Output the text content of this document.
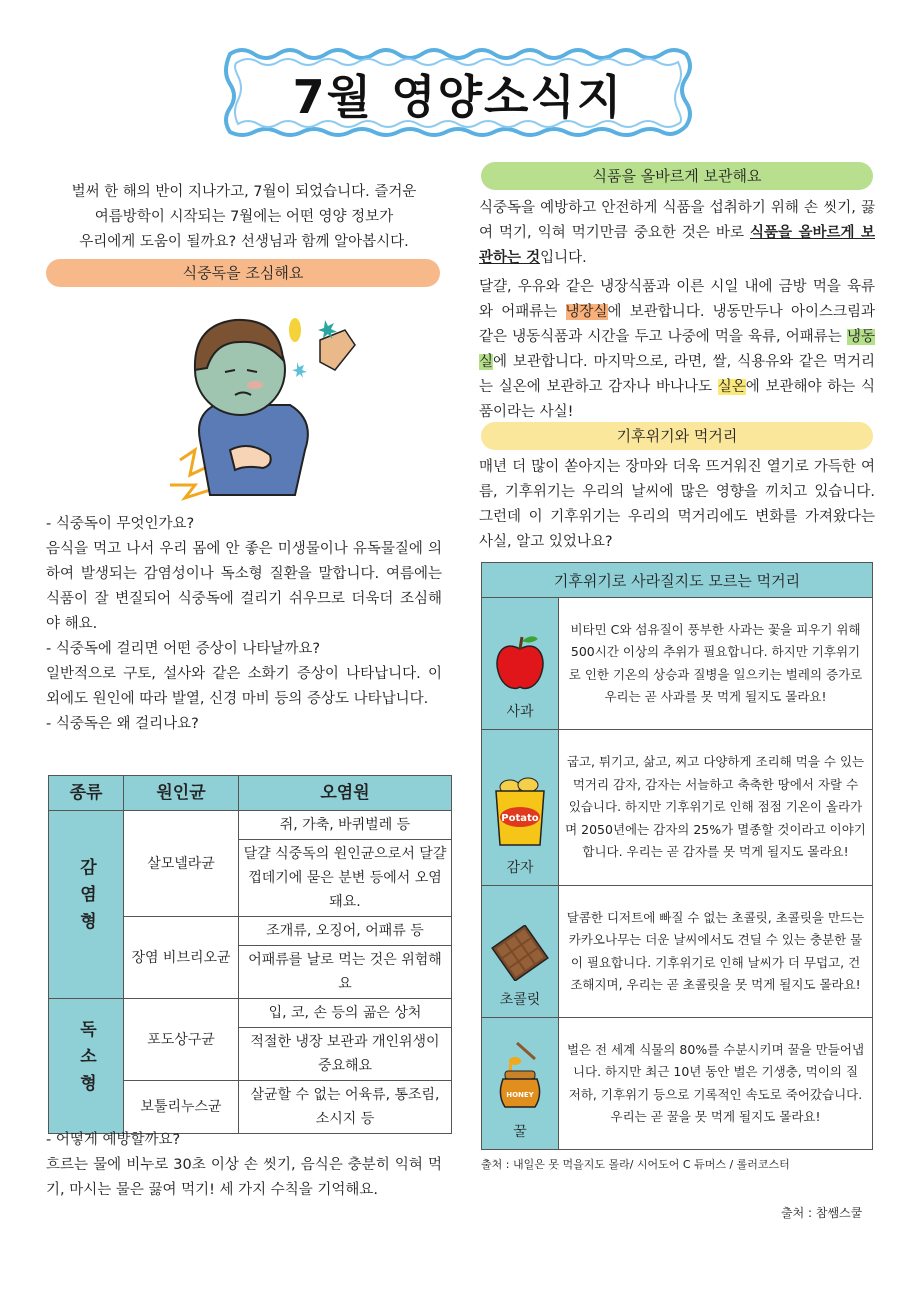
7월 영양소식지
벌써 한 해의 반이 지나가고, 7월이 되었습니다. 즐거운
여름방학이 시작되는 7월에는 어떤 영양 정보가
우리에게 도움이 될까요? 선생님과 함께 알아봅시다.
식중독을 조심해요
- 식중독이 무엇인가요?
음식을 먹고 나서 우리 몸에 안 좋은 미생물이나 유독물질에 의하여 발생되는 감염성이나 독소형 질환을 말합니다. 여름에는 식품이 잘 변질되어 식중독에 걸리기 쉬우므로 더욱더 조심해야 해요.
- 식중독에 걸리면 어떤 증상이 나타날까요?
일반적으로 구토, 설사와 같은 소화기 증상이 나타납니다. 이 외에도 원인에 따라 발열, 신경 마비 등의 증상도 나타납니다.
- 식중독은 왜 걸리나요?
종류	원인균	오염원
감염형	살모넬라균	쥐, 가축, 바퀴벌레 등
		달걀 식중독의 원인균으로서 달걀껍데기에 묻은 분변 등에서 오염돼요.
	장염 비브리오균	조개류, 오징어, 어패류 등
		어패류를 날로 먹는 것은 위험해요
독소형	포도상구균	입, 코, 손 등의 곪은 상처
		적절한 냉장 보관과 개인위생이 중요해요
	보툴리누스균	살균할 수 없는 어육류, 통조림, 소시지 등
- 어떻게 예방할까요?
흐르는 물에 비누로 30초 이상 손 씻기, 음식은 충분히 익혀 먹기, 마시는 물은 끓여 먹기! 세 가지 수칙을 기억해요.
식품을 올바르게 보관해요
식중독을 예방하고 안전하게 식품을 섭취하기 위해 손 씻기, 끓여 먹기, 익혀 먹기만큼 중요한 것은 바로 식품을 올바르게 보관하는 것입니다.
달걀, 우유와 같은 냉장식품과 이른 시일 내에 금방 먹을 육류와 어패류는 냉장실에 보관합니다. 냉동만두나 아이스크림과 같은 냉동식품과 시간을 두고 나중에 먹을 육류, 어패류는 냉동실에 보관합니다. 마지막으로, 라면, 쌀, 식용유와 같은 먹거리는 실온에 보관하고 감자나 바나나도 실온에 보관해야 하는 식품이라는 사실!
기후위기와 먹거리
매년 더 많이 쏟아지는 장마와 더욱 뜨거워진 열기로 가득한 여름, 기후위기는 우리의 날씨에 많은 영향을 끼치고 있습니다. 그런데 이 기후위기는 우리의 먹거리에도 변화를 가져왔다는 사실, 알고 있었나요?
기후위기로 사라질지도 모르는 먹거리	

사과	비타민 C와 섬유질이 풍부한 사과는 꽃을 피우기 위해 500시간 이상의 추위가 필요합니다. 하지만 기후위기로 인한 기온의 상승과 질병을 일으키는 벌레의 증가로 우리는 곧 사과를 못 먹게 될지도 몰라요!

Potato
감자	굽고, 튀기고, 삶고, 찌고 다양하게 조리해 먹을 수 있는 먹거리 감자, 감자는 서늘하고 축축한 땅에서 자랄 수 있습니다. 하지만 기후위기로 인해 점점 기온이 올라가며 2050년에는 감자의 25%가 멸종할 것이라고 이야기합니다. 우리는 곧 감자를 못 먹게 될지도 몰라요!

초콜릿	달콤한 디저트에 빠질 수 없는 초콜릿, 초콜릿을 만드는 카카오나무는 더운 날씨에서도 견딜 수 있는 충분한 물이 필요합니다. 기후위기로 인해 날씨가 더 무덥고, 건조해지며, 우리는 곧 초콜릿을 못 먹게 될지도 몰라요!

HONEY
꿀	벌은 전 세계 식물의 80%를 수분시키며 꿀을 만들어냅니다. 하지만 최근 10년 동안 벌은 기생충, 먹이의 질 저하, 기후위기 등으로 기록적인 속도로 죽어갔습니다. 우리는 곧 꿀을 못 먹게 될지도 몰라요!
출처 : 내일은 못 먹을지도 몰라/ 시어도어 C 듀머스 / 롤러코스터
출처 : 참쌤스쿨
